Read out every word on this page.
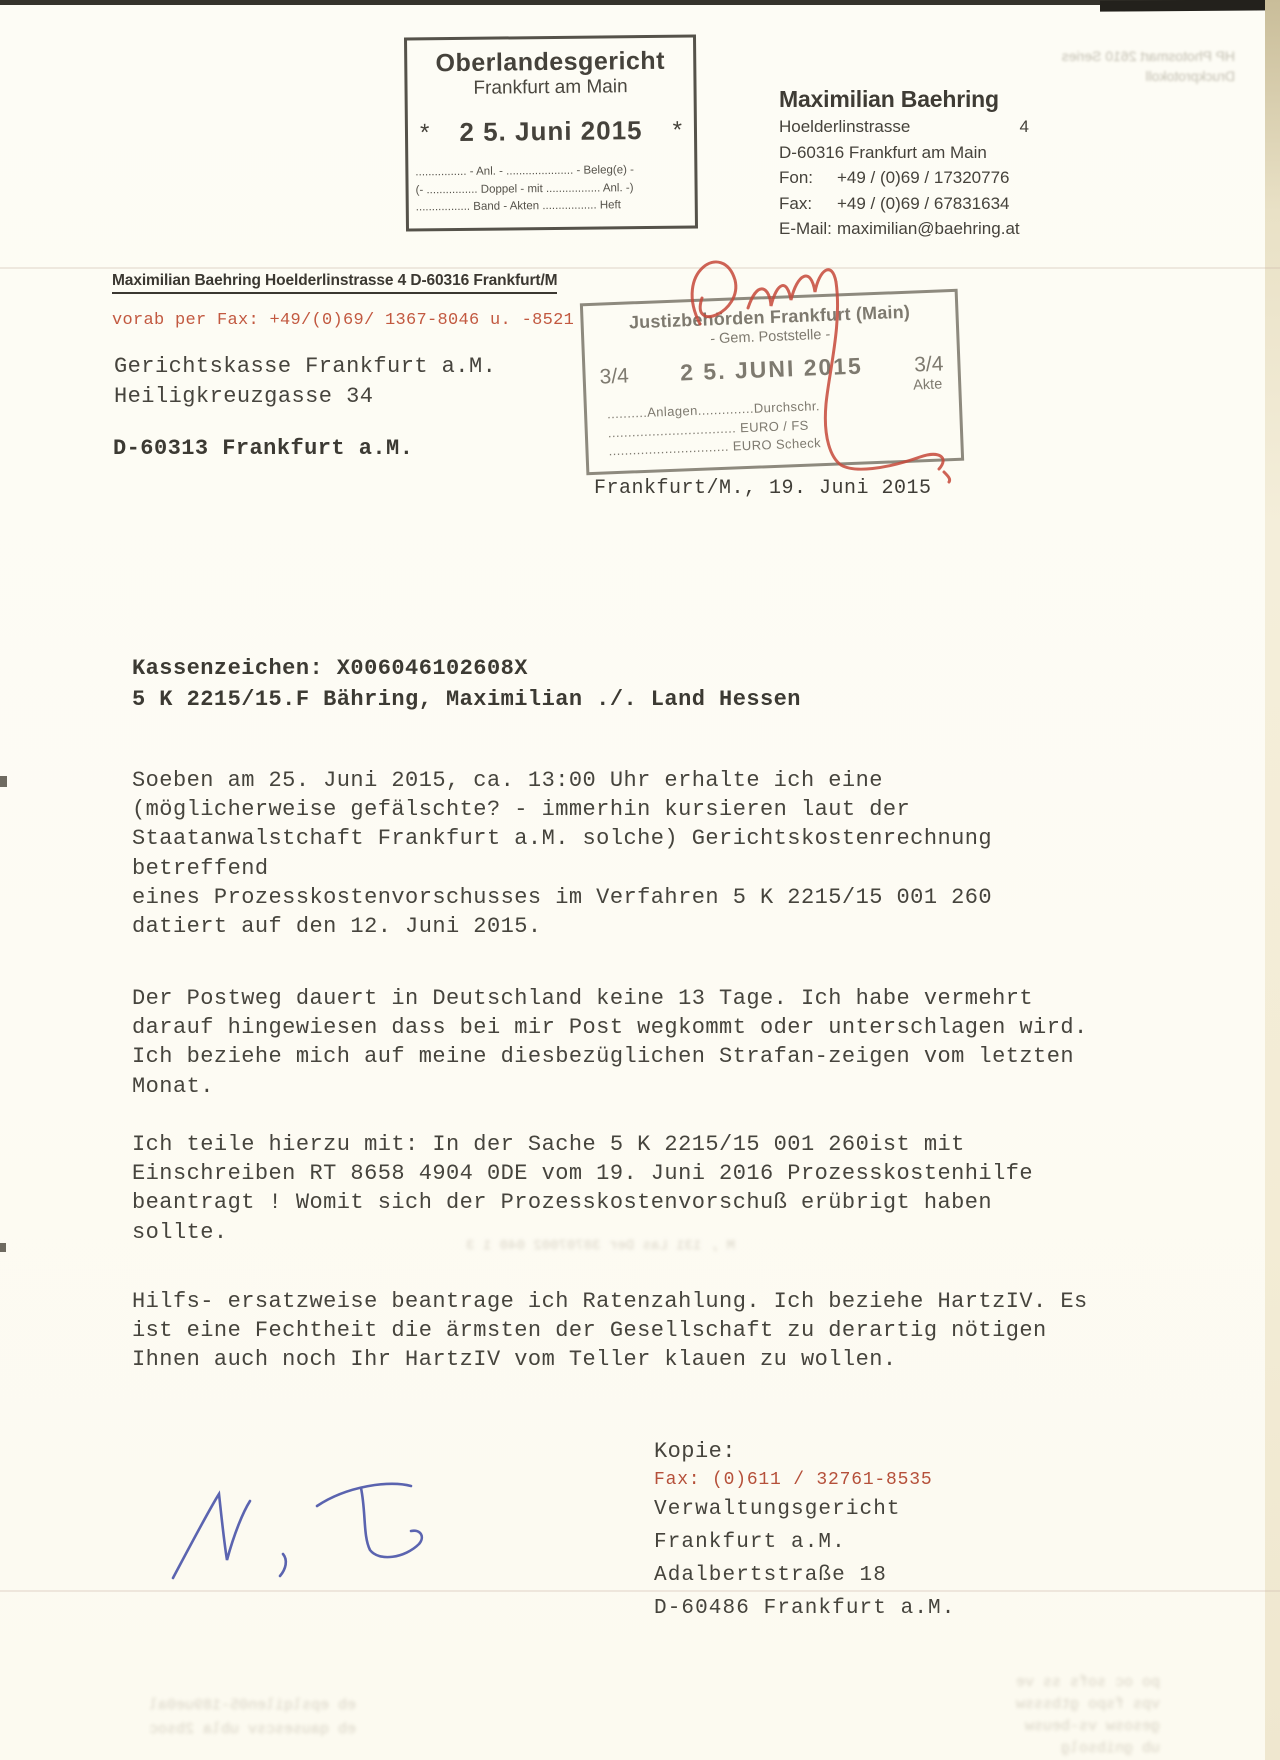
HP Photosmart 2610 Series
Druckprotokoll
Oberlandesgericht
Frankfurt am Main
* 2 5. Juni 2015 *
................ - Anl. - ..................... - Beleg(e) -
(- ................ Doppel - mit ................. Anl. -)
................. Band - Akten ................. Heft
Maximilian Baehring
Hoelderlinstrasse	4
D-60316 Frankfurt am Main
Fon:	+49 / (0)69 / 17320776
Fax:	+49 / (0)69 / 67831634
E-Mail: maximilian@baehring.at
Maximilian Baehring Hoelderlinstrasse 4 D-60316 Frankfurt/M
vorab per Fax: +49/(0)69/ 1367-8046 u. -8521
Gerichtskasse Frankfurt a.M.
Heiligkreuzgasse 34
D-60313 Frankfurt a.M.
Justizbehörden Frankfurt (Main)
- Gem. Poststelle -
3/4 2 5. JUNI 2015 3/4
Akte
..........Anlagen..............Durchschr.
................................ EURO / FS
.............................. EURO Scheck
Frankfurt/M., 19. Juni 2015
Kassenzeichen: X006046102608X
5 K 2215/15.F Bähring, Maximilian ./. Land Hessen
Soeben am 25. Juni 2015, ca. 13:00 Uhr erhalte ich eine
(möglicherweise gefälschte? - immerhin kursieren laut der
Staatanwalstchaft Frankfurt a.M. solche) Gerichtskostenrechnung
betreffend
eines Prozesskostenvorschusses im Verfahren 5 K 2215/15 001 260
datiert auf den 12. Juni 2015.
Der Postweg dauert in Deutschland keine 13 Tage. Ich habe vermehrt
darauf hingewiesen dass bei mir Post wegkommt oder unterschlagen wird.
Ich beziehe mich auf meine diesbezüglichen Strafan-zeigen vom letzten
Monat.
Ich teile hierzu mit: In der Sache 5 K 2215/15 001 260ist mit
Einschreiben RT 8658 4904 0DE vom 19. Juni 2016 Prozesskostenhilfe
beantragt ! Womit sich der Prozesskostenvorschuß erübrigt haben
sollte.
Hilfs- ersatzweise beantrage ich Ratenzahlung. Ich beziehe HartzIV. Es
ist eine Fechtheit die ärmsten der Gesellschaft zu derartig nötigen
Ihnen auch noch Ihr HartzIV vom Teller klauen zu wollen.
M , 131 Las Der 38707002 040 1 3
Kopie:
Fax: (0)611 / 32761-8535
Verwaltungsgericht
Frankfurt a.M.
Adalbertstraße 18
D-60486 Frankfurt a.M.
po oc sofs ss ve
vps fspo gtbsssw
gesosw vs-beusw
ub gnibsolg
eb epslqilen05-189ue0al
eb qausescsv ubla 2bsoc
